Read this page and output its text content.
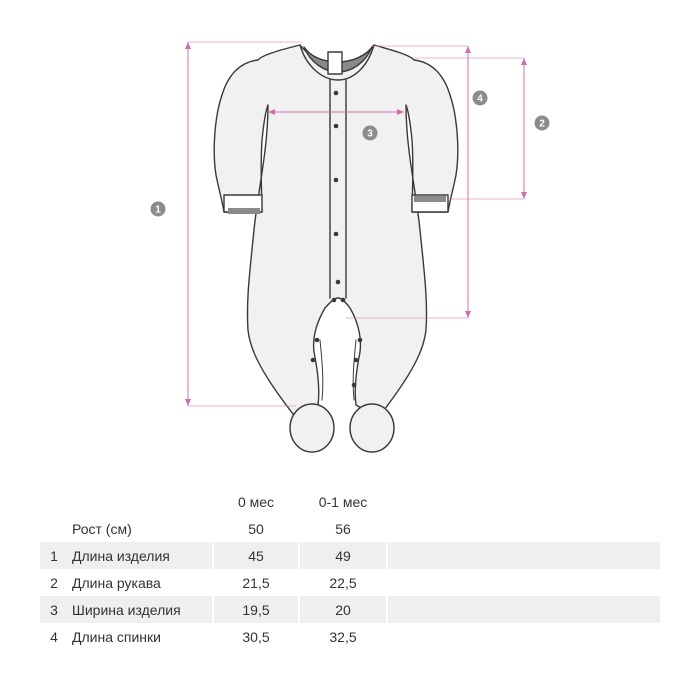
1
2
3
4
		0 мес	0-1 мес	
	Рост (см)	50	56	
1	Длина изделия	45	49	
2	Длина рукава	21,5	22,5	
3	Ширина изделия	19,5	20	
4	Длина спинки	30,5	32,5	
